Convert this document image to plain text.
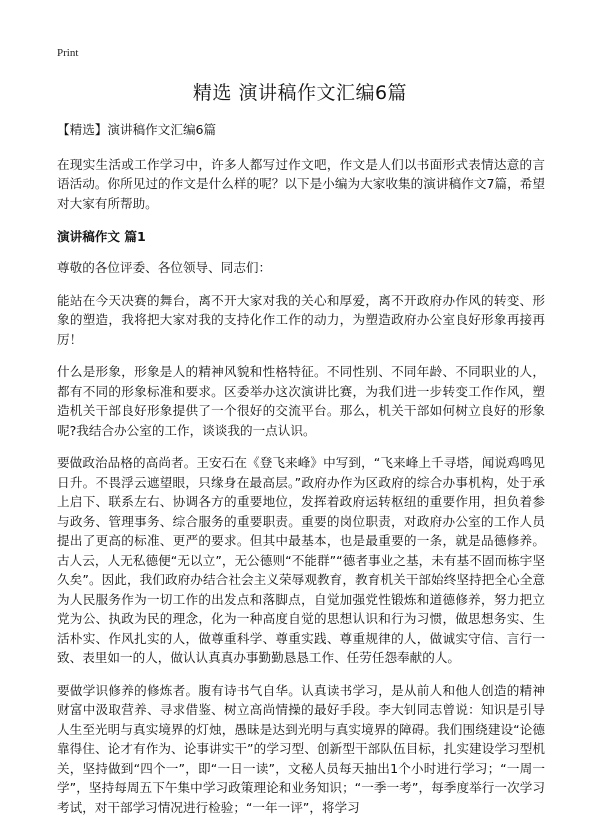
Print
精选 演讲稿作文汇编6篇

【精选】演讲稿作文汇编6篇

在现实生活或工作学习中，许多人都写过作文吧，作文是人们以书面形式表情达意的言语活动。你所见过的作文是什么样的呢？以下是小编为大家收集的演讲稿作文7篇，希望对大家有所帮助。

演讲稿作文 篇1

尊敬的各位评委、各位领导、同志们：

能站在今天决赛的舞台，离不开大家对我的关心和厚爱，离不开政府办作风的转变、形象的塑造，我将把大家对我的支持化作工作的动力，为塑造政府办公室良好形象再接再厉！

什么是形象，形象是人的精神风貌和性格特征。不同性别、不同年龄、不同职业的人，都有不同的形象标准和要求。区委举办这次演讲比赛，为我们进一步转变工作作风，塑造机关干部良好形象提供了一个很好的交流平台。那么，机关干部如何树立良好的形象呢?我结合办公室的工作，谈谈我的一点认识。

要做政治品格的高尚者。王安石在《登飞来峰》中写到，“飞来峰上千寻塔，闻说鸡鸣见日升。不畏浮云遮望眼，只缘身在最高层。”政府办作为区政府的综合办事机构，处于承上启下、联系左右、协调各方的重要地位，发挥着政府运转枢纽的重要作用，担负着参与政务、管理事务、综合服务的重要职责。重要的岗位职责，对政府办公室的工作人员提出了更高的标准、更严的要求。但其中最基本，也是最重要的一条，就是品德修养。古人云，人无私德便“无以立”，无公德则“不能群”“德者事业之基，未有基不固而栋宇坚久矣”。因此，我们政府办结合社会主义荣辱观教育，教育机关干部始终坚持把全心全意为人民服务作为一切工作的出发点和落脚点，自觉加强党性锻炼和道德修养，努力把立党为公、执政为民的理念，化为一种高度自觉的思想认识和行为习惯，做思想务实、生活朴实、作风扎实的人，做尊重科学、尊重实践、尊重规律的人，做诚实守信、言行一致、表里如一的人，做认认真真办事勤勤恳恳工作、任劳任怨奉献的人。

要做学识修养的修炼者。腹有诗书气自华。认真读书学习，是从前人和他人创造的精神财富中汲取营养、寻求借鉴、树立高尚情操的最好手段。李大钊同志曾说：知识是引导人生至光明与真实境界的灯烛，愚昧是达到光明与真实境界的障碍。我们围绕建设“论德靠得住、论才有作为、论事讲实干”的学习型、创新型干部队伍目标，扎实建设学习型机关，坚持做到“四个一”，即“一日一读”，文秘人员每天抽出1个小时进行学习；“一周一学”，坚持每周五下午集中学习政策理论和业务知识；“一季一考”，每季度举行一次学习考试，对干部学习情况进行检验；“一年一评”，将学习
